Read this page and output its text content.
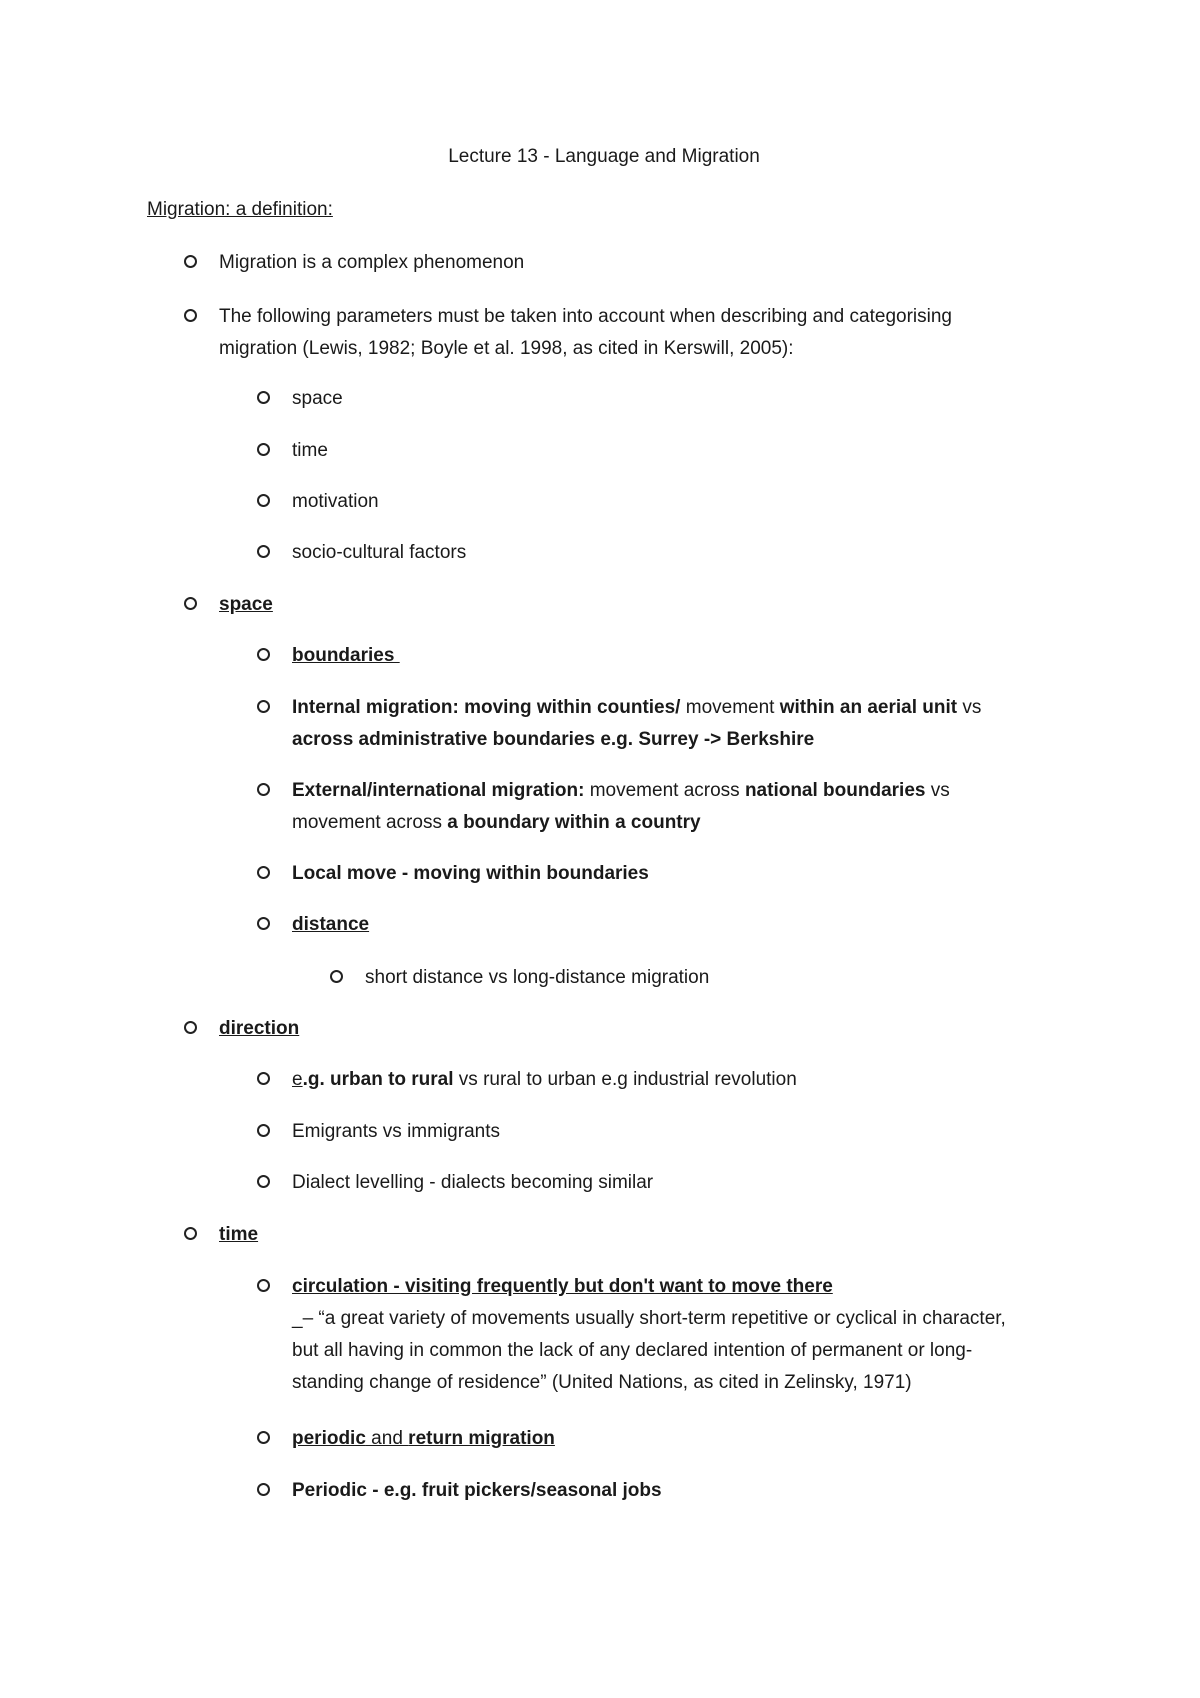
Lecture 13 - Language and Migration
Migration: a definition:
Migration is a complex phenomenon
The following parameters must be taken into account when describing and categorising
migration (Lewis, 1982; Boyle et al. 1998, as cited in Kerswill, 2005):
space
time
motivation
socio-cultural factors
space
boundaries
Internal migration: moving within counties/ movement within an aerial unit vs
across administrative boundaries e.g. Surrey -> Berkshire
External/international migration: movement across national boundaries vs
movement across a boundary within a country
Local move - moving within boundaries
distance
short distance vs long-distance migration
direction
e.g. urban to rural vs rural to urban e.g industrial revolution
Emigrants vs immigrants
Dialect levelling - dialects becoming similar
time
circulation - visiting frequently but don't want to move there
_– “a great variety of movements usually short-term repetitive or cyclical in character,
but all having in common the lack of any declared intention of permanent or long-
standing change of residence” (United Nations, as cited in Zelinsky, 1971)
periodic and return migration
Periodic - e.g. fruit pickers/seasonal jobs
